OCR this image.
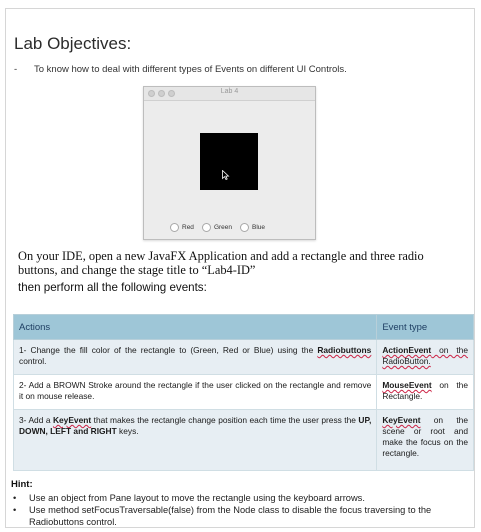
Lab Objectives:
- To know how to deal with different types of Events on different UI Controls.
Lab 4
Red	Green	Blue
On your IDE, open a new JavaFX Application and add a rectangle and three radio buttons, and change the stage title to “Lab4-ID”
then perform all the following events:
Actions	Event type
1- Change the fill color of the rectangle to (Green, Red or Blue) using the Radiobuttons control.	ActionEvent on the RadioButton.
2- Add a BROWN Stroke around the rectangle if the user clicked on the rectangle and remove it on mouse release.	MouseEvent on the Rectangle.
3- Add a KeyEvent that makes the rectangle change position each time the user press the UP, DOWN, LEFT and RIGHT keys.	KeyEvent on the scene or root and make the focus on the rectangle.
Hint:
• Use an object from Pane layout to move the rectangle using the keyboard arrows.
• Use method setFocusTraversable(false) from the Node class to disable the focus traversing to the Radiobuttons control.
